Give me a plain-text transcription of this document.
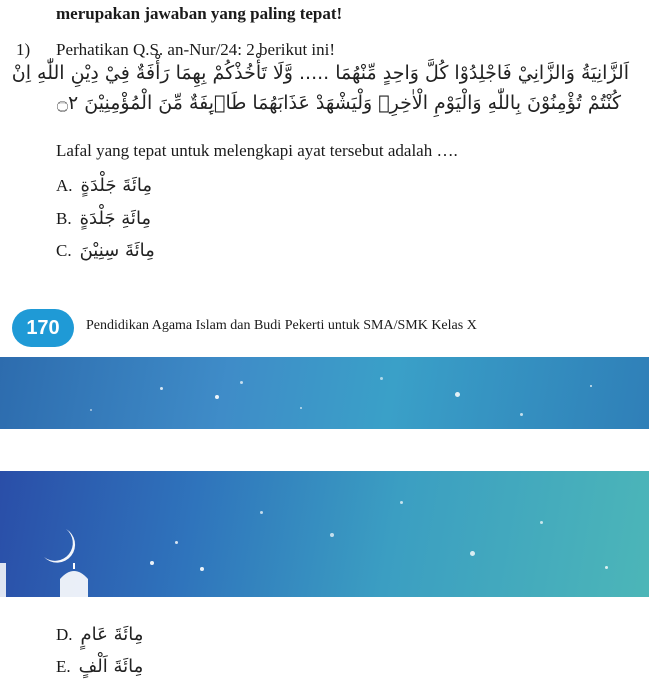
merupakan jawaban yang paling tepat!
1) Perhatikan Q.S. an-Nur/24: 2 berikut ini!
اَلزَّانِيَةُ وَالزَّانِيْ فَاجْلِدُوْا كُلَّ وَاحِدٍ مِّنْهُمَا ..... وَّلَا تَأْخُذْكُمْ بِهِمَا رَأْفَةٌ فِيْ دِيْنِ اللّٰهِ اِنْ
كُنْتُمْ تُؤْمِنُوْنَ بِاللّٰهِ وَالْيَوْمِ الْاٰخِرِۚ وَلْيَشْهَدْ عَذَابَهُمَا طَاۤىِٕفَةٌ مِّنَ الْمُؤْمِنِيْنَ ۝٢
Lafal yang tepat untuk melengkapi ayat tersebut adalah ….
A. مِائَةَ جَلْدَةٍ
B. مِائَةِ جَلْدَةٍ
C. مِائَةَ سِنِيْنَ
170	Pendidikan Agama Islam dan Budi Pekerti untuk SMA/SMK Kelas X
D. مِائَةَ عَامٍ
E. مِائَةَ اَلْفٍ
